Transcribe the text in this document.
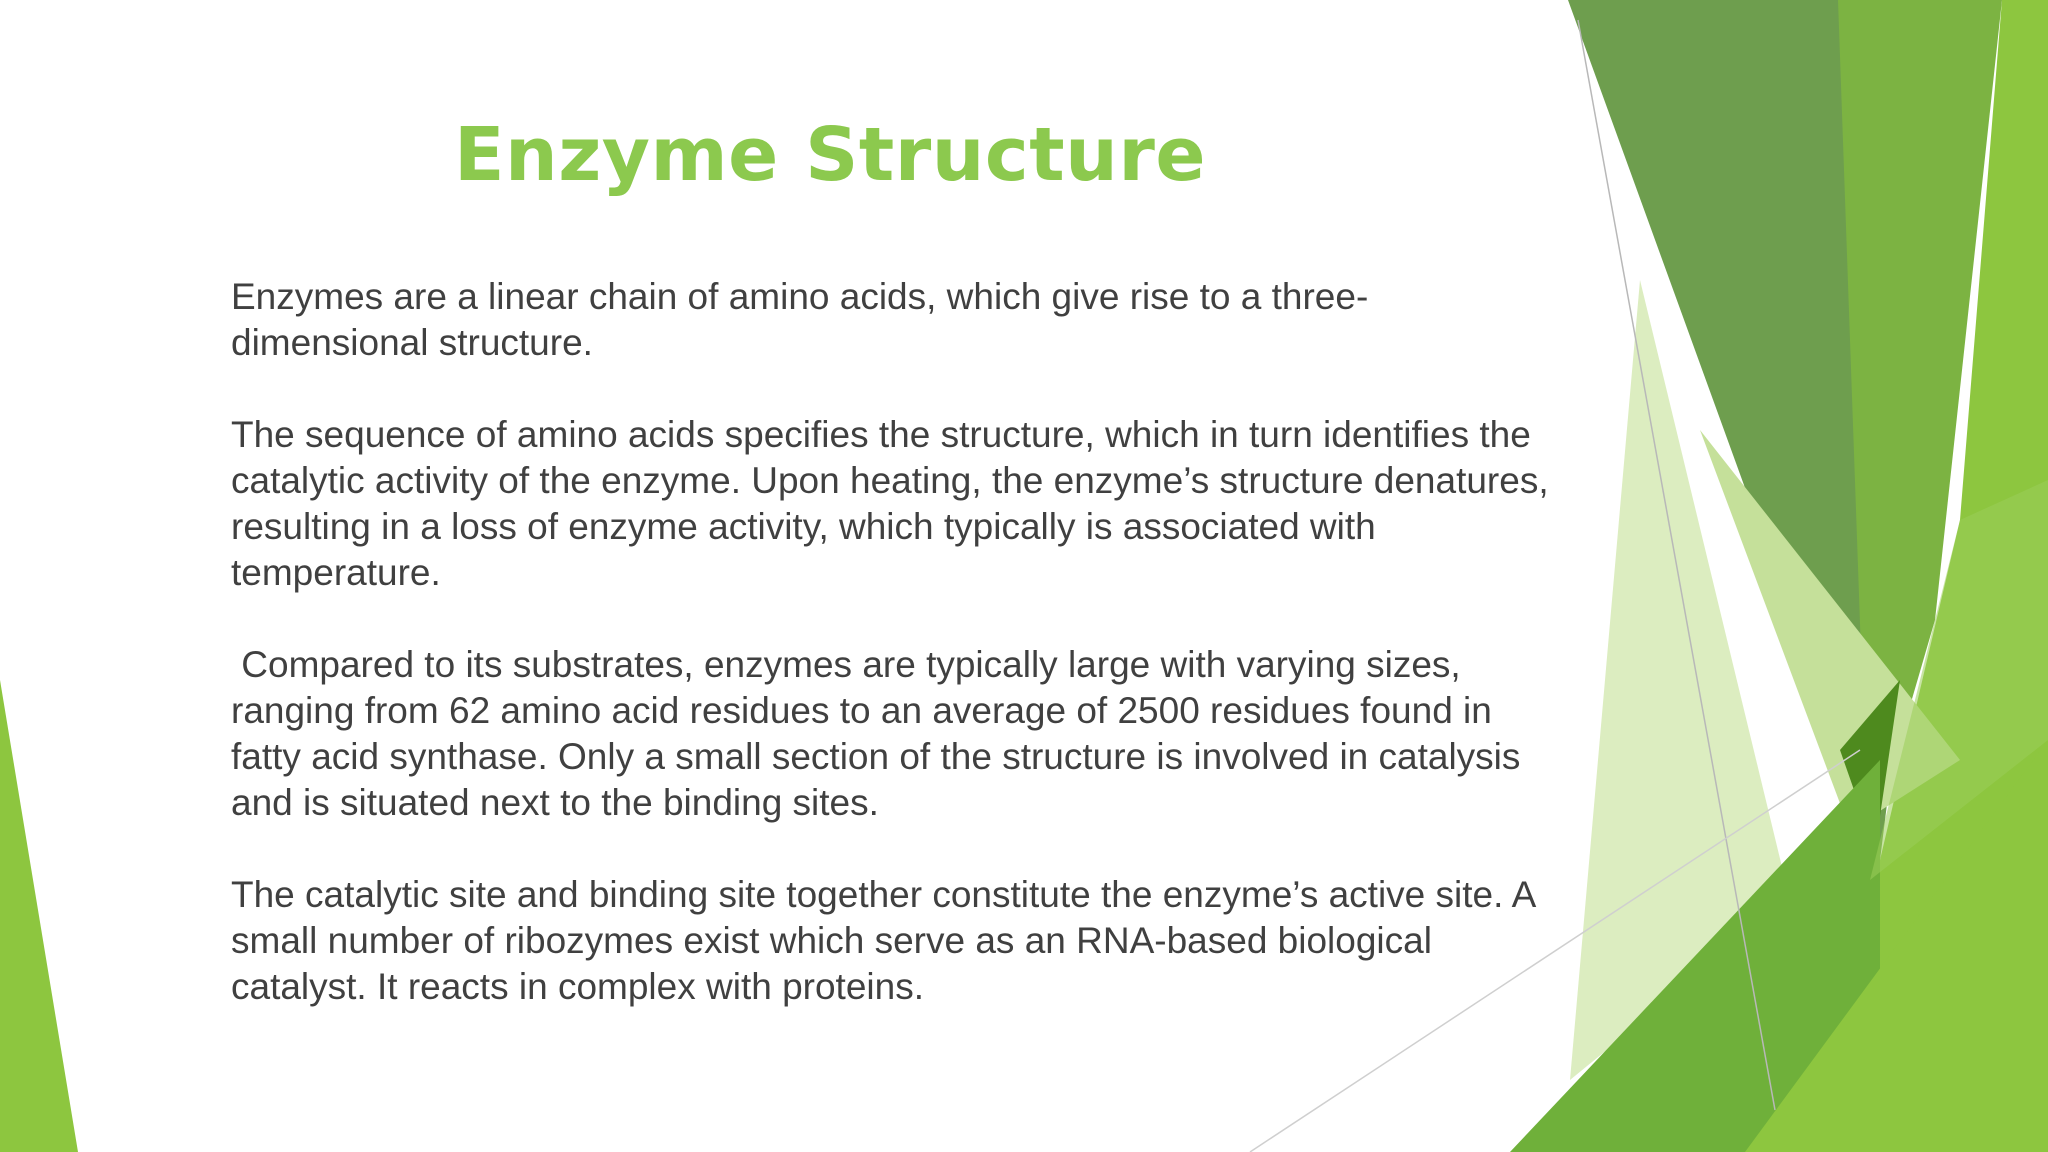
Enzyme Structure

Enzymes are a linear chain of amino acids, which give rise to a three-
dimensional structure.

The sequence of amino acids specifies the structure, which in turn identifies the
catalytic activity of the enzyme. Upon heating, the enzyme’s structure denatures,
resulting in a loss of enzyme activity, which typically is associated with
temperature.

Compared to its substrates, enzymes are typically large with varying sizes,
ranging from 62 amino acid residues to an average of 2500 residues found in
fatty acid synthase. Only a small section of the structure is involved in catalysis
and is situated next to the binding sites.

The catalytic site and binding site together constitute the enzyme’s active site. A
small number of ribozymes exist which serve as an RNA-based biological
catalyst. It reacts in complex with proteins.
